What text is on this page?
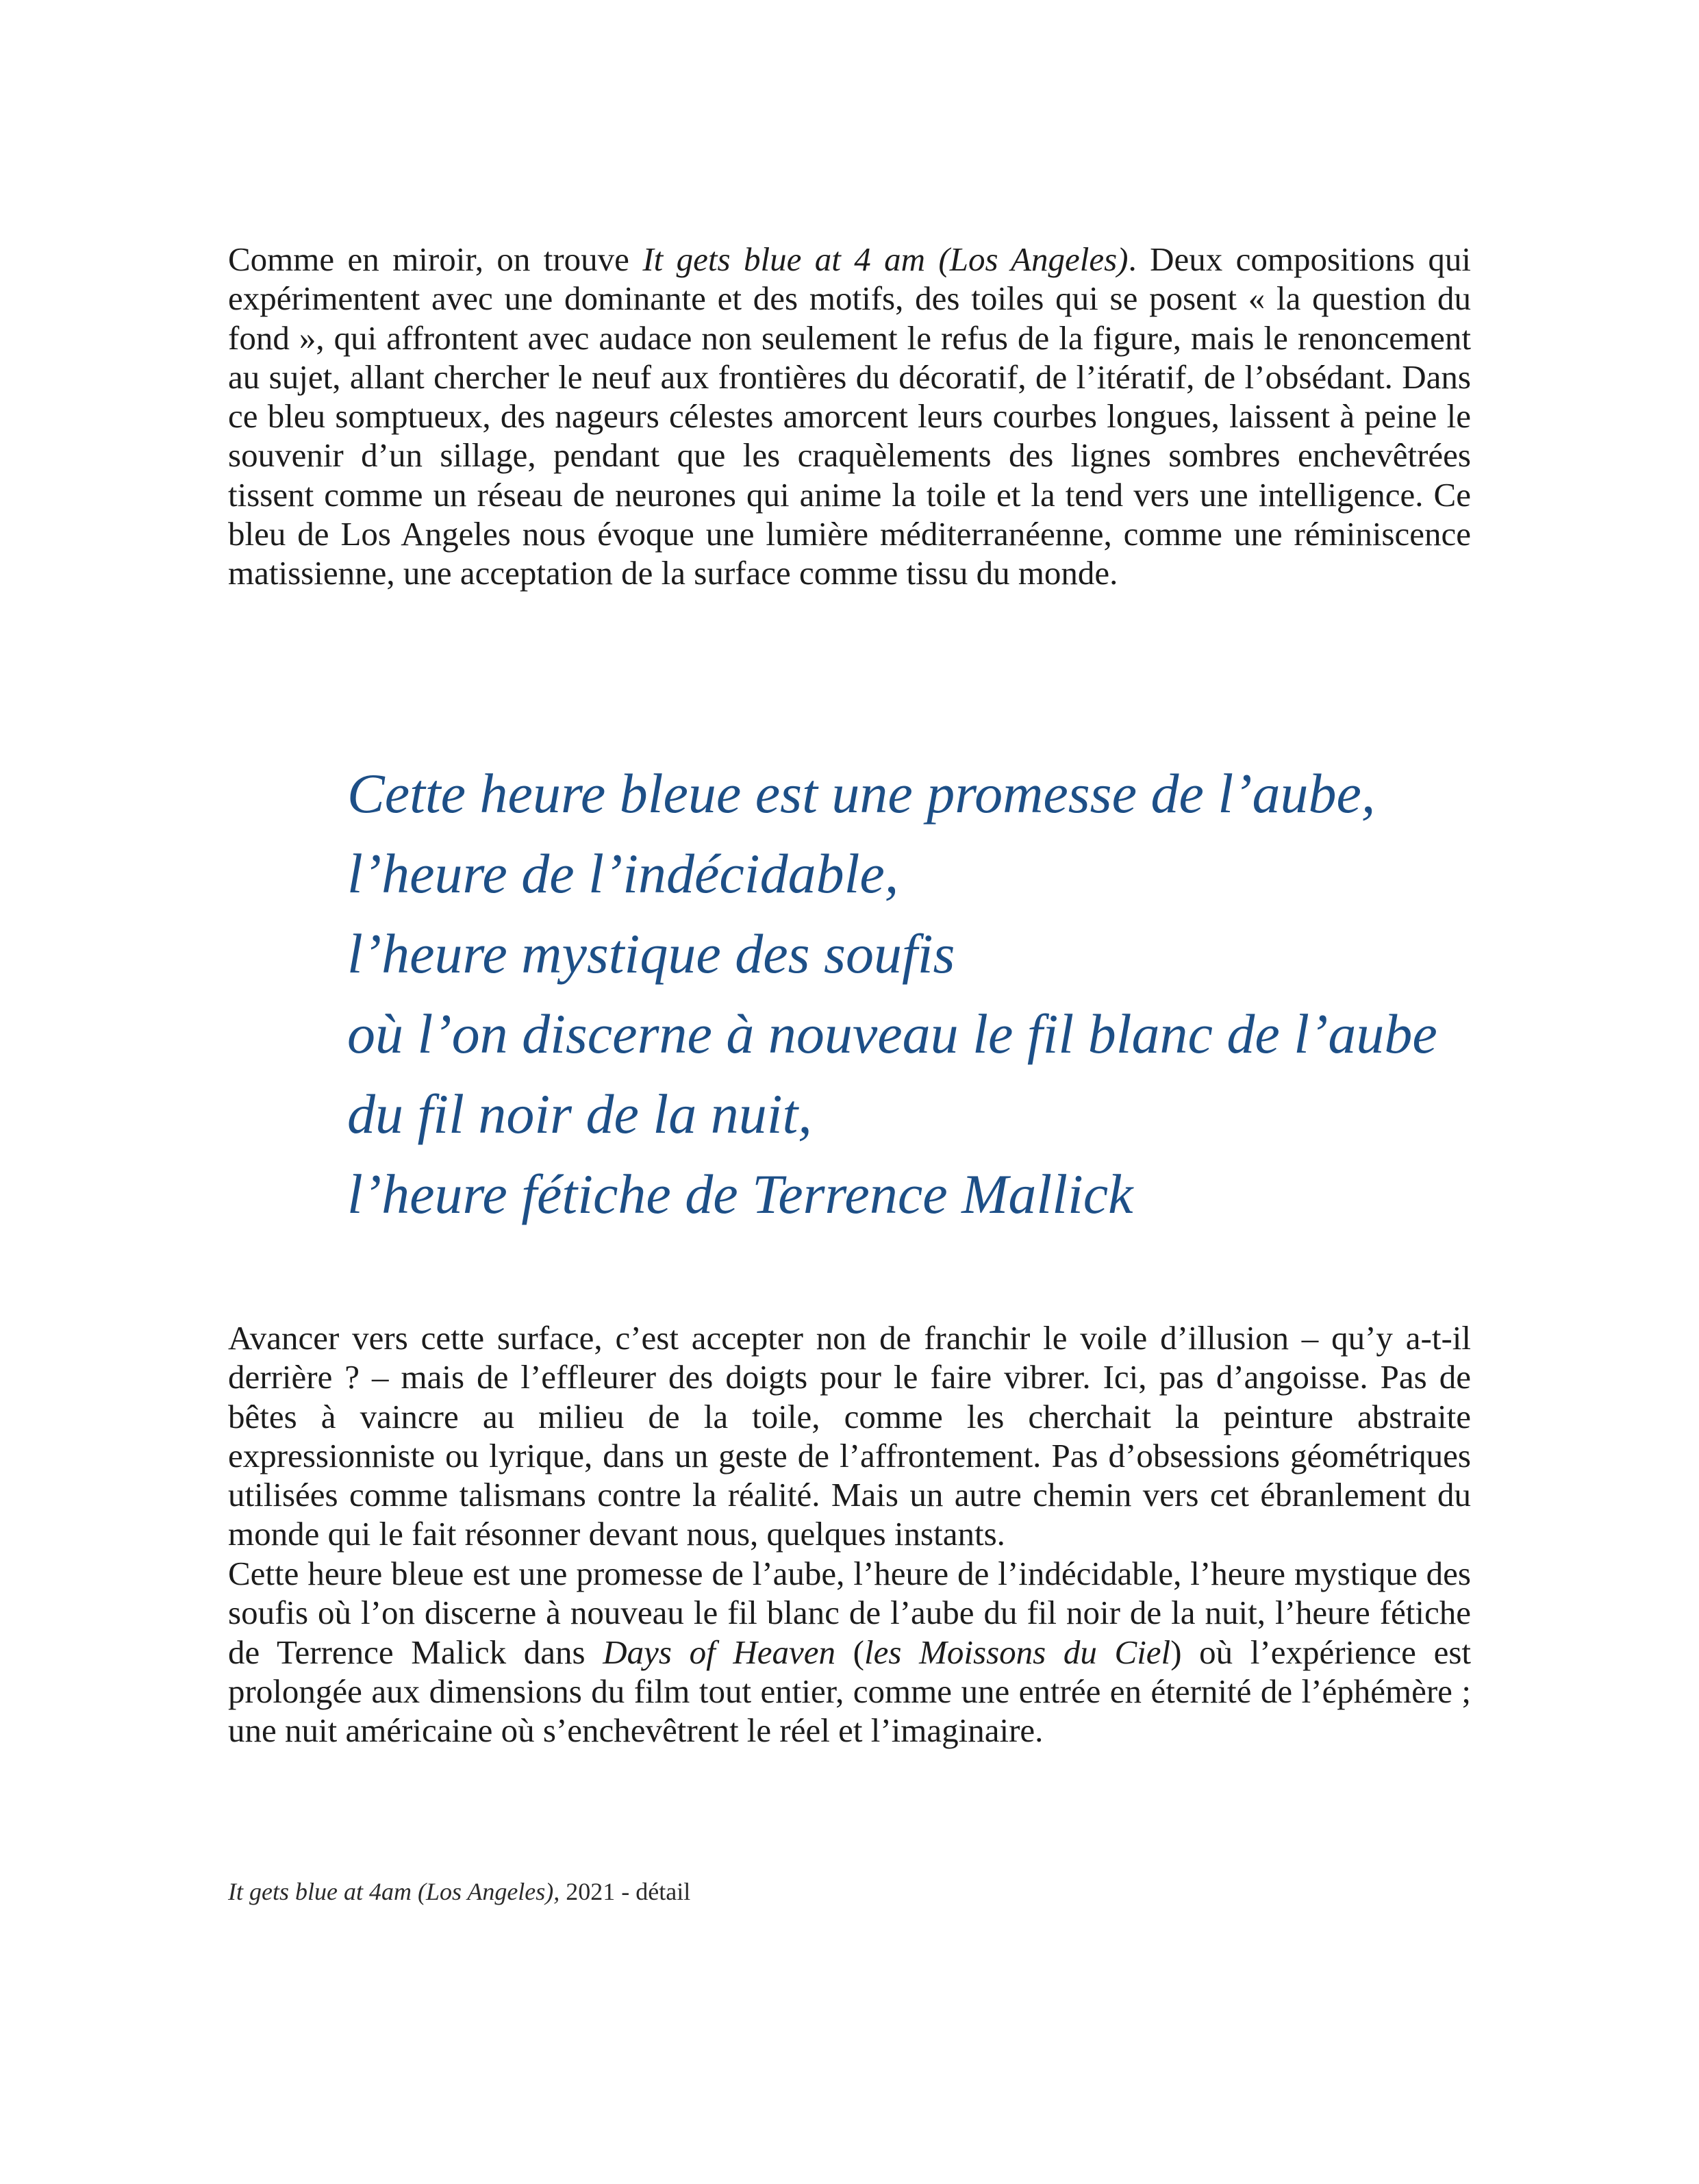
Comme en miroir, on trouve It gets blue at 4 am (Los Angeles). Deux compositions qui expérimentent avec une dominante et des motifs, des toiles qui se posent « la question du fond », qui affrontent avec audace non seulement le refus de la figure, mais le renoncement au sujet, allant chercher le neuf aux frontières du décoratif, de l’itératif, de l’obsédant. Dans ce bleu somptueux, des nageurs célestes amorcent leurs courbes longues, laissent à peine le souvenir d’un sillage, pendant que les craquèlements des lignes sombres enchevêtrées tissent comme un réseau de neurones qui anime la toile et la tend vers une intelligence. Ce bleu de Los Angeles nous évoque une lumière méditerranéenne, comme une réminiscence matissienne, une acceptation de la surface comme tissu du monde.

Cette heure bleue est une promesse de l’aube,
l’heure de l’indécidable,
l’heure mystique des soufis
où l’on discerne à nouveau le fil blanc de l’aube
du fil noir de la nuit,
l’heure fétiche de Terrence Mallick

Avancer vers cette surface, c’est accepter non de franchir le voile d’illusion – qu’y a-t-il derrière ? – mais de l’effleurer des doigts pour le faire vibrer. Ici, pas d’angoisse. Pas de bêtes à vaincre au milieu de la toile, comme les cherchait la peinture abstraite expressionniste ou lyrique, dans un geste de l’affrontement. Pas d’obsessions géométriques utilisées comme talismans contre la réalité. Mais un autre chemin vers cet ébranlement du monde qui le fait résonner devant nous, quelques instants.

Cette heure bleue est une promesse de l’aube, l’heure de l’indécidable, l’heure mystique des soufis où l’on discerne à nouveau le fil blanc de l’aube du fil noir de la nuit, l’heure fétiche de Terrence Malick dans Days of Heaven (les Moissons du Ciel) où l’expérience est prolongée aux dimensions du film tout entier, comme une entrée en éternité de l’éphémère ; une nuit américaine où s’enchevêtrent le réel et l’imaginaire.

It gets blue at 4am (Los Angeles), 2021 - détail
